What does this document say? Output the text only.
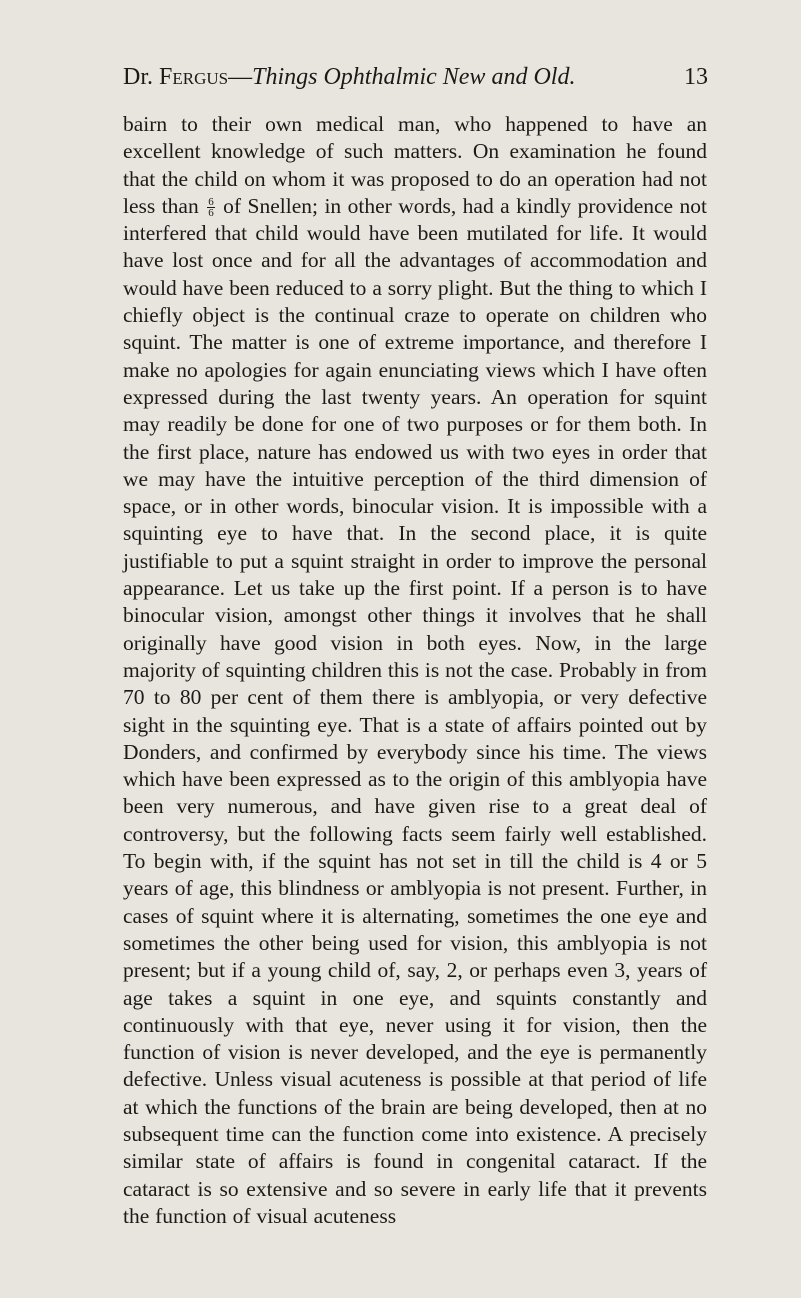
Dr. Fergus—Things Ophthalmic New and Old.	13

bairn to their own medical man, who happened to have an excellent knowledge of such matters. On examination he found that the child on whom it was proposed to do an operation had not less than $\frac{6}{6}$ of Snellen; in other words, had a kindly providence not interfered that child would have been mutilated for life. It would have lost once and for all the advantages of accommodation and would have been reduced to a sorry plight. But the thing to which I chiefly object is the continual craze to operate on children who squint. The matter is one of extreme importance, and therefore I make no apologies for again enunciating views which I have often expressed during the last twenty years. An operation for squint may readily be done for one of two purposes or for them both. In the first place, nature has endowed us with two eyes in order that we may have the intuitive perception of the third dimension of space, or in other words, binocular vision. It is impossible with a squinting eye to have that. In the second place, it is quite justifiable to put a squint straight in order to improve the personal appearance. Let us take up the first point. If a person is to have binocular vision, amongst other things it involves that he shall originally have good vision in both eyes. Now, in the large majority of squinting children this is not the case. Probably in from 70 to 80 per cent of them there is amblyopia, or very defective sight in the squinting eye. That is a state of affairs pointed out by Donders, and confirmed by everybody since his time. The views which have been expressed as to the origin of this amblyopia have been very numerous, and have given rise to a great deal of controversy, but the following facts seem fairly well established. To begin with, if the squint has not set in till the child is 4 or 5 years of age, this blindness or amblyopia is not present. Further, in cases of squint where it is alternating, sometimes the one eye and sometimes the other being used for vision, this amblyopia is not present; but if a young child of, say, 2, or perhaps even 3, years of age takes a squint in one eye, and squints constantly and continuously with that eye, never using it for vision, then the function of vision is never developed, and the eye is permanently defective. Unless visual acuteness is possible at that period of life at which the functions of the brain are being developed, then at no subsequent time can the function come into existence. A precisely similar state of affairs is found in congenital cataract. If the cataract is so extensive and so severe in early life that it prevents the function of visual acuteness
